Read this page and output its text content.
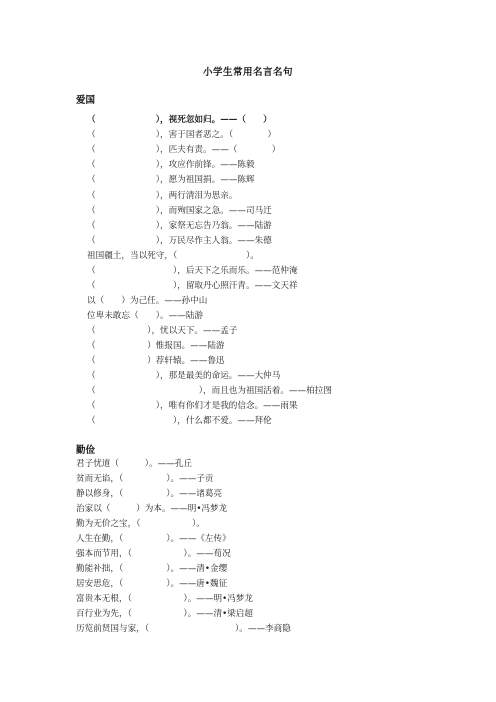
小学生常用名言名句
爱国
（　　　　　　　），视死忽如归。——（　　）
（　　　　　　　），害于国者恶之。（　　　　）
（　　　　　　　），匹夫有责。——（　　　　）
（　　　　　　　），攻应作前锋。——陈毅
（　　　　　　　），愿为祖国捐。——陈辉
（　　　　　　　），两行清泪为思亲。
（　　　　　　　），而殉国家之急。——司马迁
（　　　　　　　），家祭无忘告乃翁。——陆游
（　　　　　　　），万民尽作主人翁。——朱德
祖国疆土，当以死守，（　　　　　　　　）。
（　　　　　　　　　），后天下之乐而乐。——范仲淹
（　　　　　　　　　），留取丹心照汗青。——文天祥
以（　　）为己任。——孙中山
位卑未敢忘（　　）。——陆游
（　　　　　　），忧以天下。——孟子
（　　　　　　）惟报国。——陆游
（　　　　　　）荐轩辕。——鲁迅
（　　　　　　　），那是最美的命运。——大仲马
（　　　　　　　　　　　　），而且也为祖国活着。——柏拉图
（　　　　　　　），唯有你们才是我的信念。——雨果
（　　　　　　　　　），什么都不爱。——拜伦
勤俭
君子忧道（　　　）。——孔丘
贫而无谄，（　　　　　）。——子贡
静以修身，（　　　　　）。——诸葛亮
治家以（　　　）为本。——明•冯梦龙
勤为无价之宝，（　　　　　　）。
人生在勤，（　　　　　）。——《左传》
强本而节用，（　　　　　　）。——荀况
勤能补拙，（　　　　　）。——清•金缨
居安思危，（　　　　　）。——唐•魏征
富贵本无根，（　　　　　　）。——明•冯梦龙
百行业为先，（　　　　　　）。——清•梁启超
历览前贤国与家，（　　　　　　　　　　）。——李商隐
